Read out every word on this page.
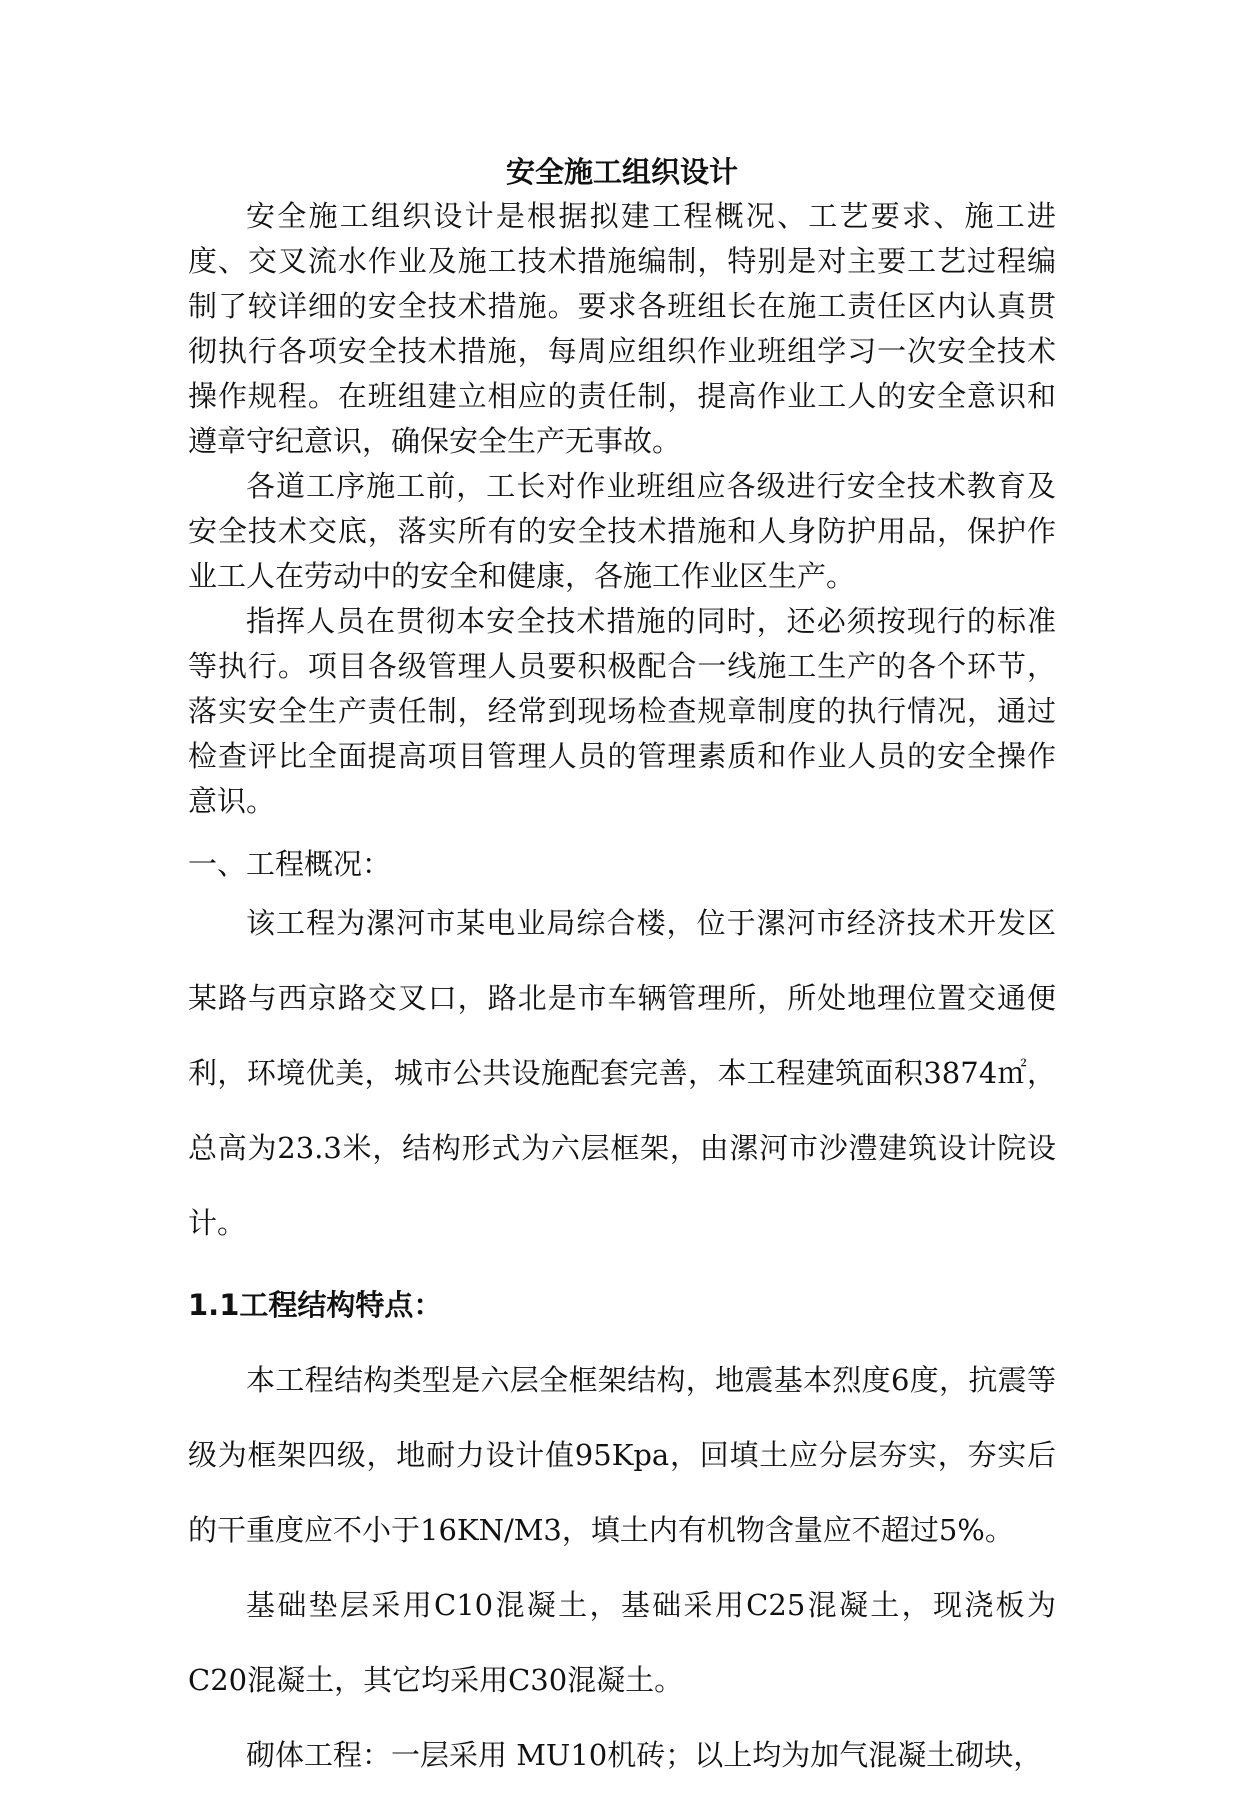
安全施工组织设计

安全施工组织设计是根据拟建工程概况、工艺要求、施工进度、交叉流水作业及施工技术措施编制，特别是对主要工艺过程编制了较详细的安全技术措施。要求各班组长在施工责任区内认真贯彻执行各项安全技术措施，每周应组织作业班组学习一次安全技术操作规程。在班组建立相应的责任制，提高作业工人的安全意识和遵章守纪意识，确保安全生产无事故。

各道工序施工前，工长对作业班组应各级进行安全技术教育及安全技术交底，落实所有的安全技术措施和人身防护用品，保护作业工人在劳动中的安全和健康，各施工作业区生产。

指挥人员在贯彻本安全技术措施的同时，还必须按现行的标准等执行。项目各级管理人员要积极配合一线施工生产的各个环节，落实安全生产责任制，经常到现场检查规章制度的执行情况，通过检查评比全面提高项目管理人员的管理素质和作业人员的安全操作意识。

一、工程概况：

该工程为漯河市某电业局综合楼，位于漯河市经济技术开发区某路与西京路交叉口，路北是市车辆管理所，所处地理位置交通便利，环境优美，城市公共设施配套完善，本工程建筑面积3874㎡，总高为23.3米，结构形式为六层框架，由漯河市沙澧建筑设计院设计。

1.1工程结构特点：

本工程结构类型是六层全框架结构，地震基本烈度6度，抗震等级为框架四级，地耐力设计值95Kpa，回填土应分层夯实，夯实后的干重度应不小于16KN/M3，填土内有机物含量应不超过5%。

基础垫层采用C10混凝土，基础采用C25混凝土，现浇板为C20混凝土，其它均采用C30混凝土。

砌体工程：一层采用 MU10机砖；以上均为加气混凝土砌块，
